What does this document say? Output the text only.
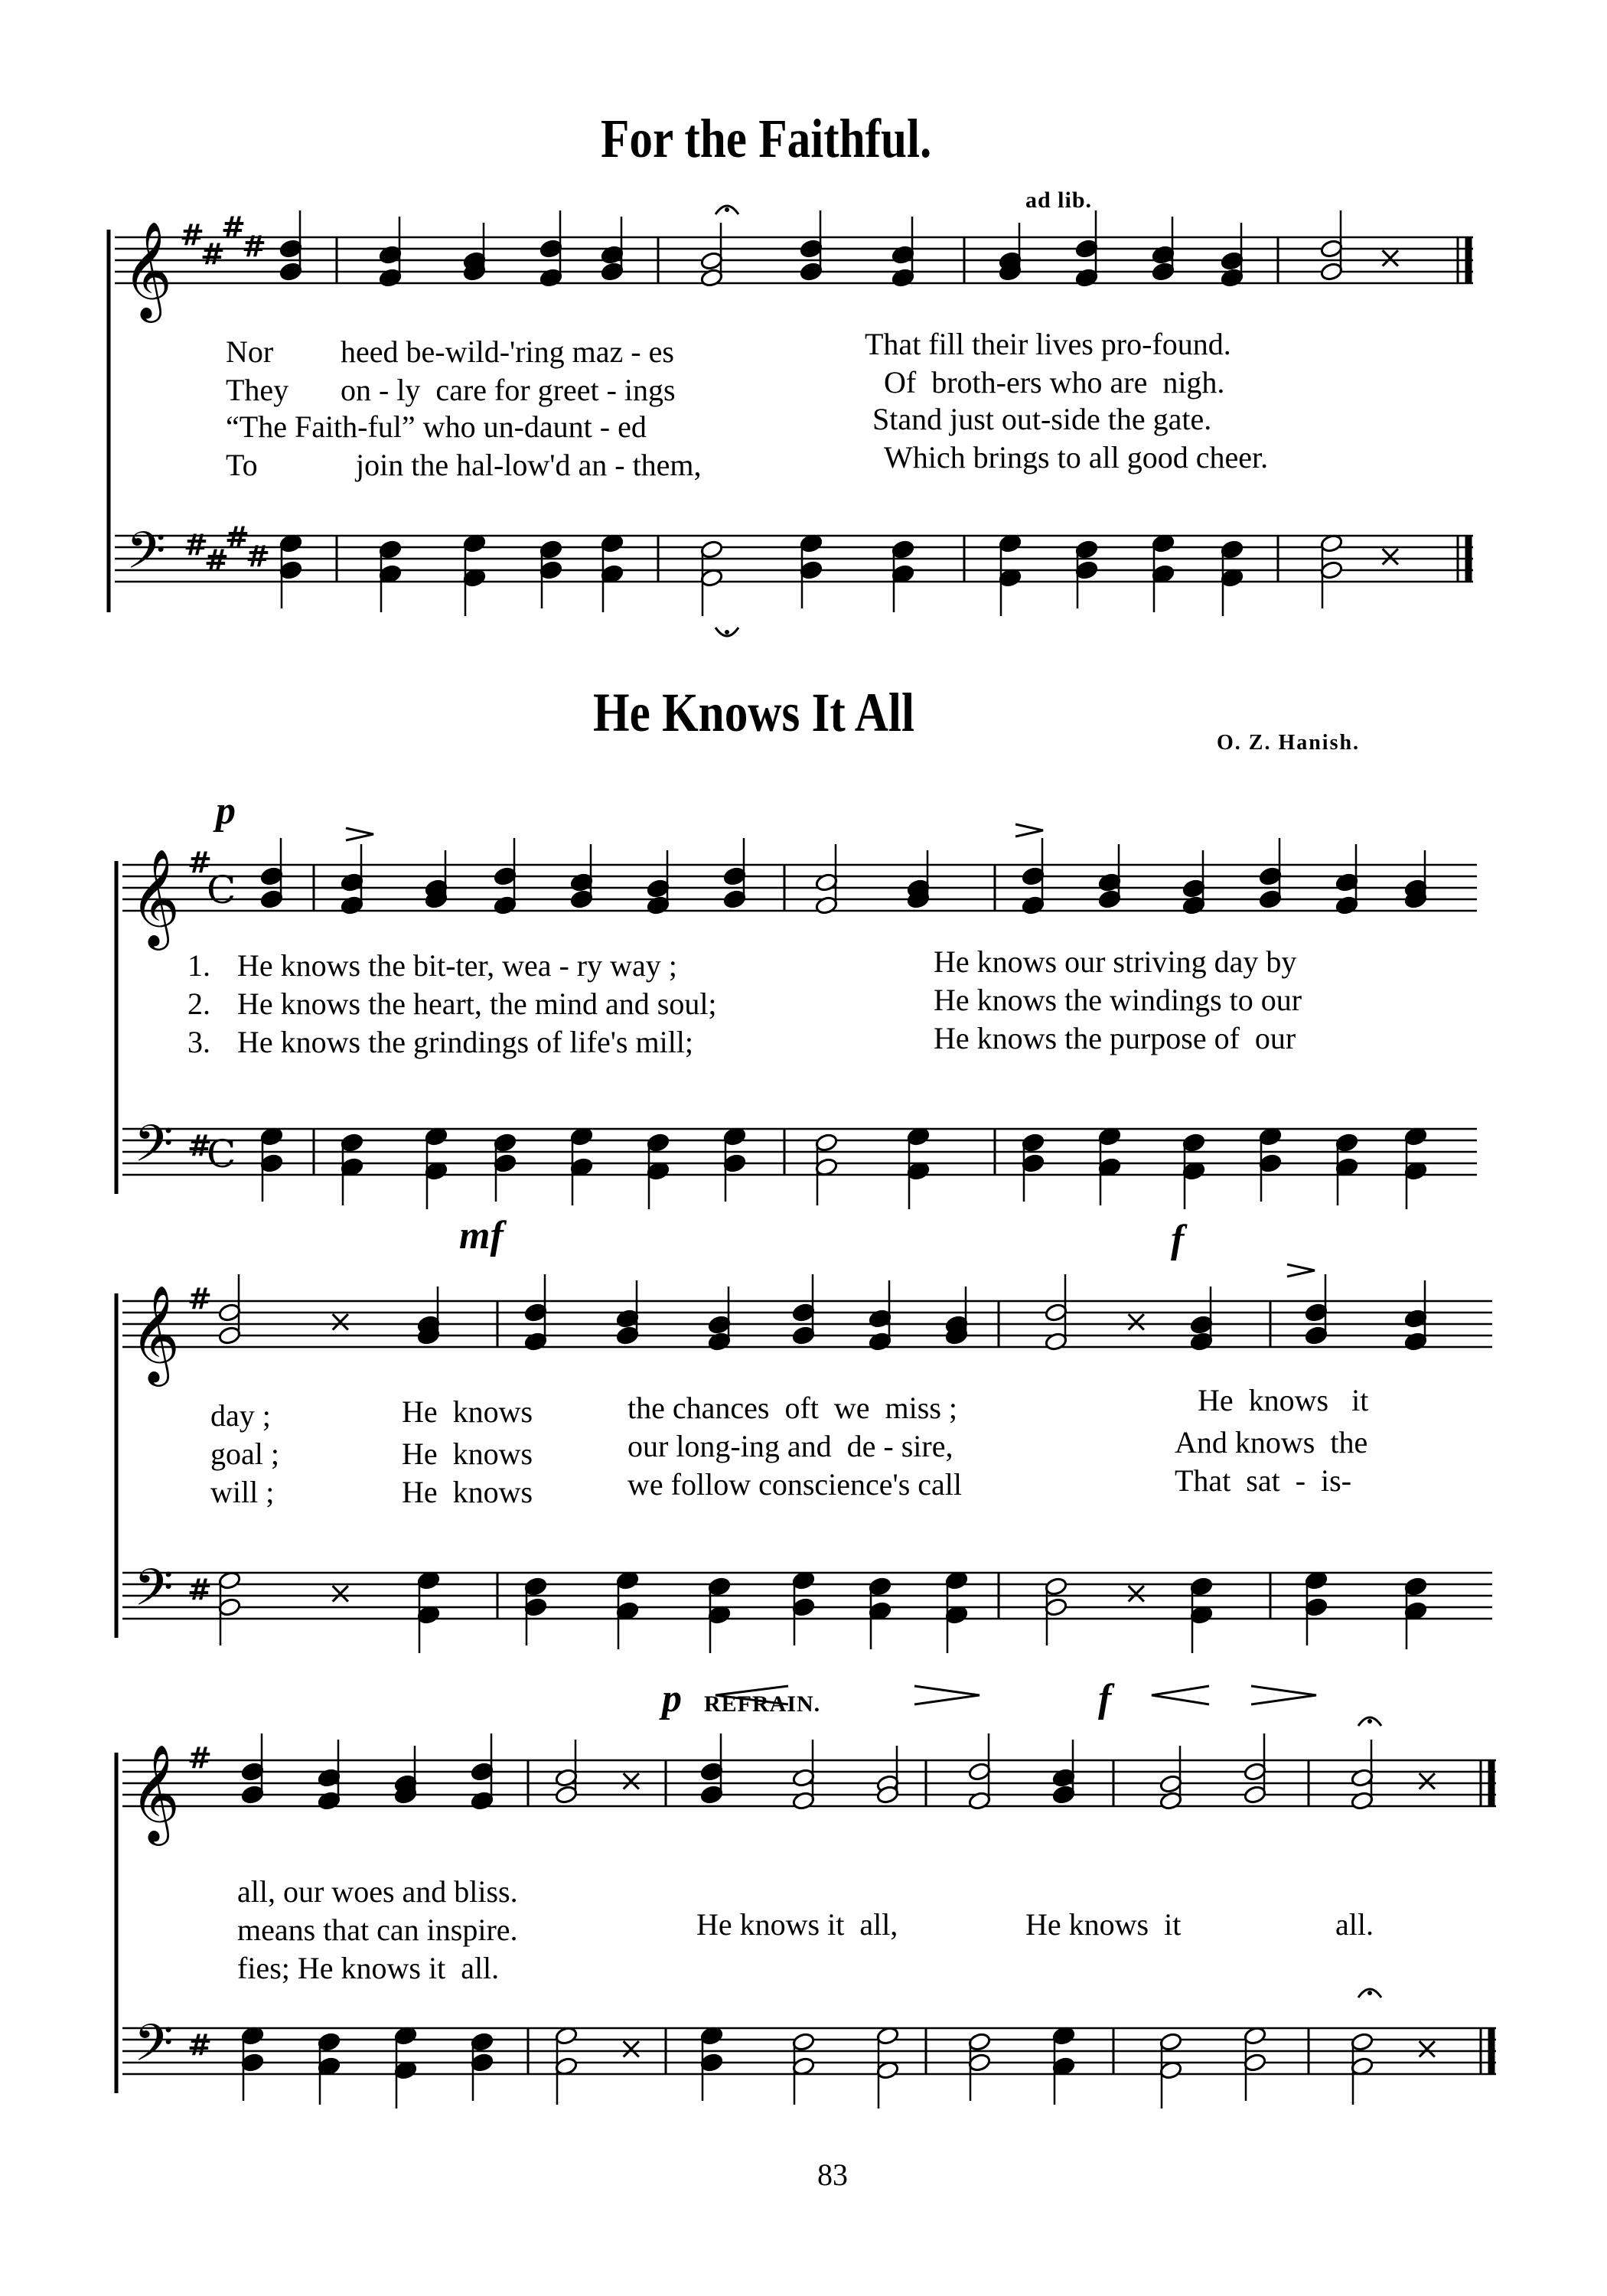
For the Faithful.
He Knows It All	O. Z. Hanish.
ad lib.
p
mf	f
p REFRAIN.	f

Nor

heed be-wild-'ring maz - es

	That fill their lives pro-found.

They

on - ly  care for greet - ings

	Of  broth-ers who are  nigh.

“The Faith-ful” who un-daunt - ed

	Stand just out-side the gate.

To

	join the hal-low'd an - them,

	Which brings to all good cheer.

1.

He knows the bit-ter, wea - ry way ;

	He knows our striving day by

2.

He knows the heart, the mind and soul;

	He knows the windings to our

3.

He knows the grindings of life's mill;

	He knows the purpose of  our

day ;

	He  knows

	the chances  oft  we  miss ;

	He  knows   it

goal ;

	He  knows

	our long-ing and  de - sire,

	And knows  the

will ;

	He  knows

	we follow conscience's call

	That  sat  -  is-

all, our woes and bliss.
means that can inspire.
fies; He knows it  all.

He knows it  all,

	He knows  it

	all.

83
𝄞
𝄢
#
#
#
#
#
#
#
#
×
×
𝄞
𝄢
#
#
C
C
𝄞
𝄢
#
#
×
×
×
×
𝄞
𝄢
#
#
×
×
×
×
